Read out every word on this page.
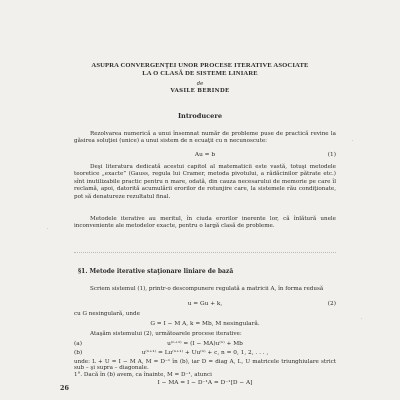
ASUPRA CONVERGENŢEI UNOR PROCESE ITERATIVE ASOCIATE
LA O CLASĂ DE SISTEME LINIARE
de
VASILE BERINDE
Introducere
Rezolvarea numerică a unui însemnat număr de probleme puse de practică revine la găsirea soluţiei (unice) a unui sistem de n ecuaţii cu n necunoscute:
Au = b	(1)
Deşi literatura dedicată acestui capitol al matematicii este vastă, totuşi metodele teoretice „exacte” (Gauss, regula lui Cramer, metoda pivotului, a rădăcinilor pătrate etc.) sînt inutilizabile practic pentru n mare, odată, din cauza necesarului de memorie pe care îl reclamă, apoi, datorită acumulării erorilor de rotunjire care, la sistemele rău condiţionate, pot să denatureze rezultatul final.
Metodele iterative au meritul, în ciuda erorilor inerente lor, că înlătură unele inconveniente ale metodelor exacte, pentru o largă clasă de probleme.
§1. Metode iterative staţionare liniare de bază
Scriem sistemul (1), printr-o descompunere regulată a matricii A, în forma redusă
u = Gu + k,	(2)
cu G nesingulară, unde
G = I − M A, k = Mb, M nesingulară.
Ataşăm sistemului (2), următoarele procese iterative:
(a)	u⁽ⁿ⁺¹⁾ = (I − MA)u⁽ⁿ⁾ + Mb
(b)	u⁽ⁿ⁺¹⁾ = Lu⁽ⁿ⁺¹⁾ + Uu⁽ⁿ⁾ + c, n = 0, 1, 2, . . . ,
unde: L + U = I − M A, M = D⁻¹ în (b), iar D = diag A, L, U matricele triunghiulare strict sub – şi supra – diagonale.
1°. Dacă în (b) avem, ca înainte, M = D⁻¹, atunci
I − MA = I − D⁻¹A = D⁻¹[D − A]
26
